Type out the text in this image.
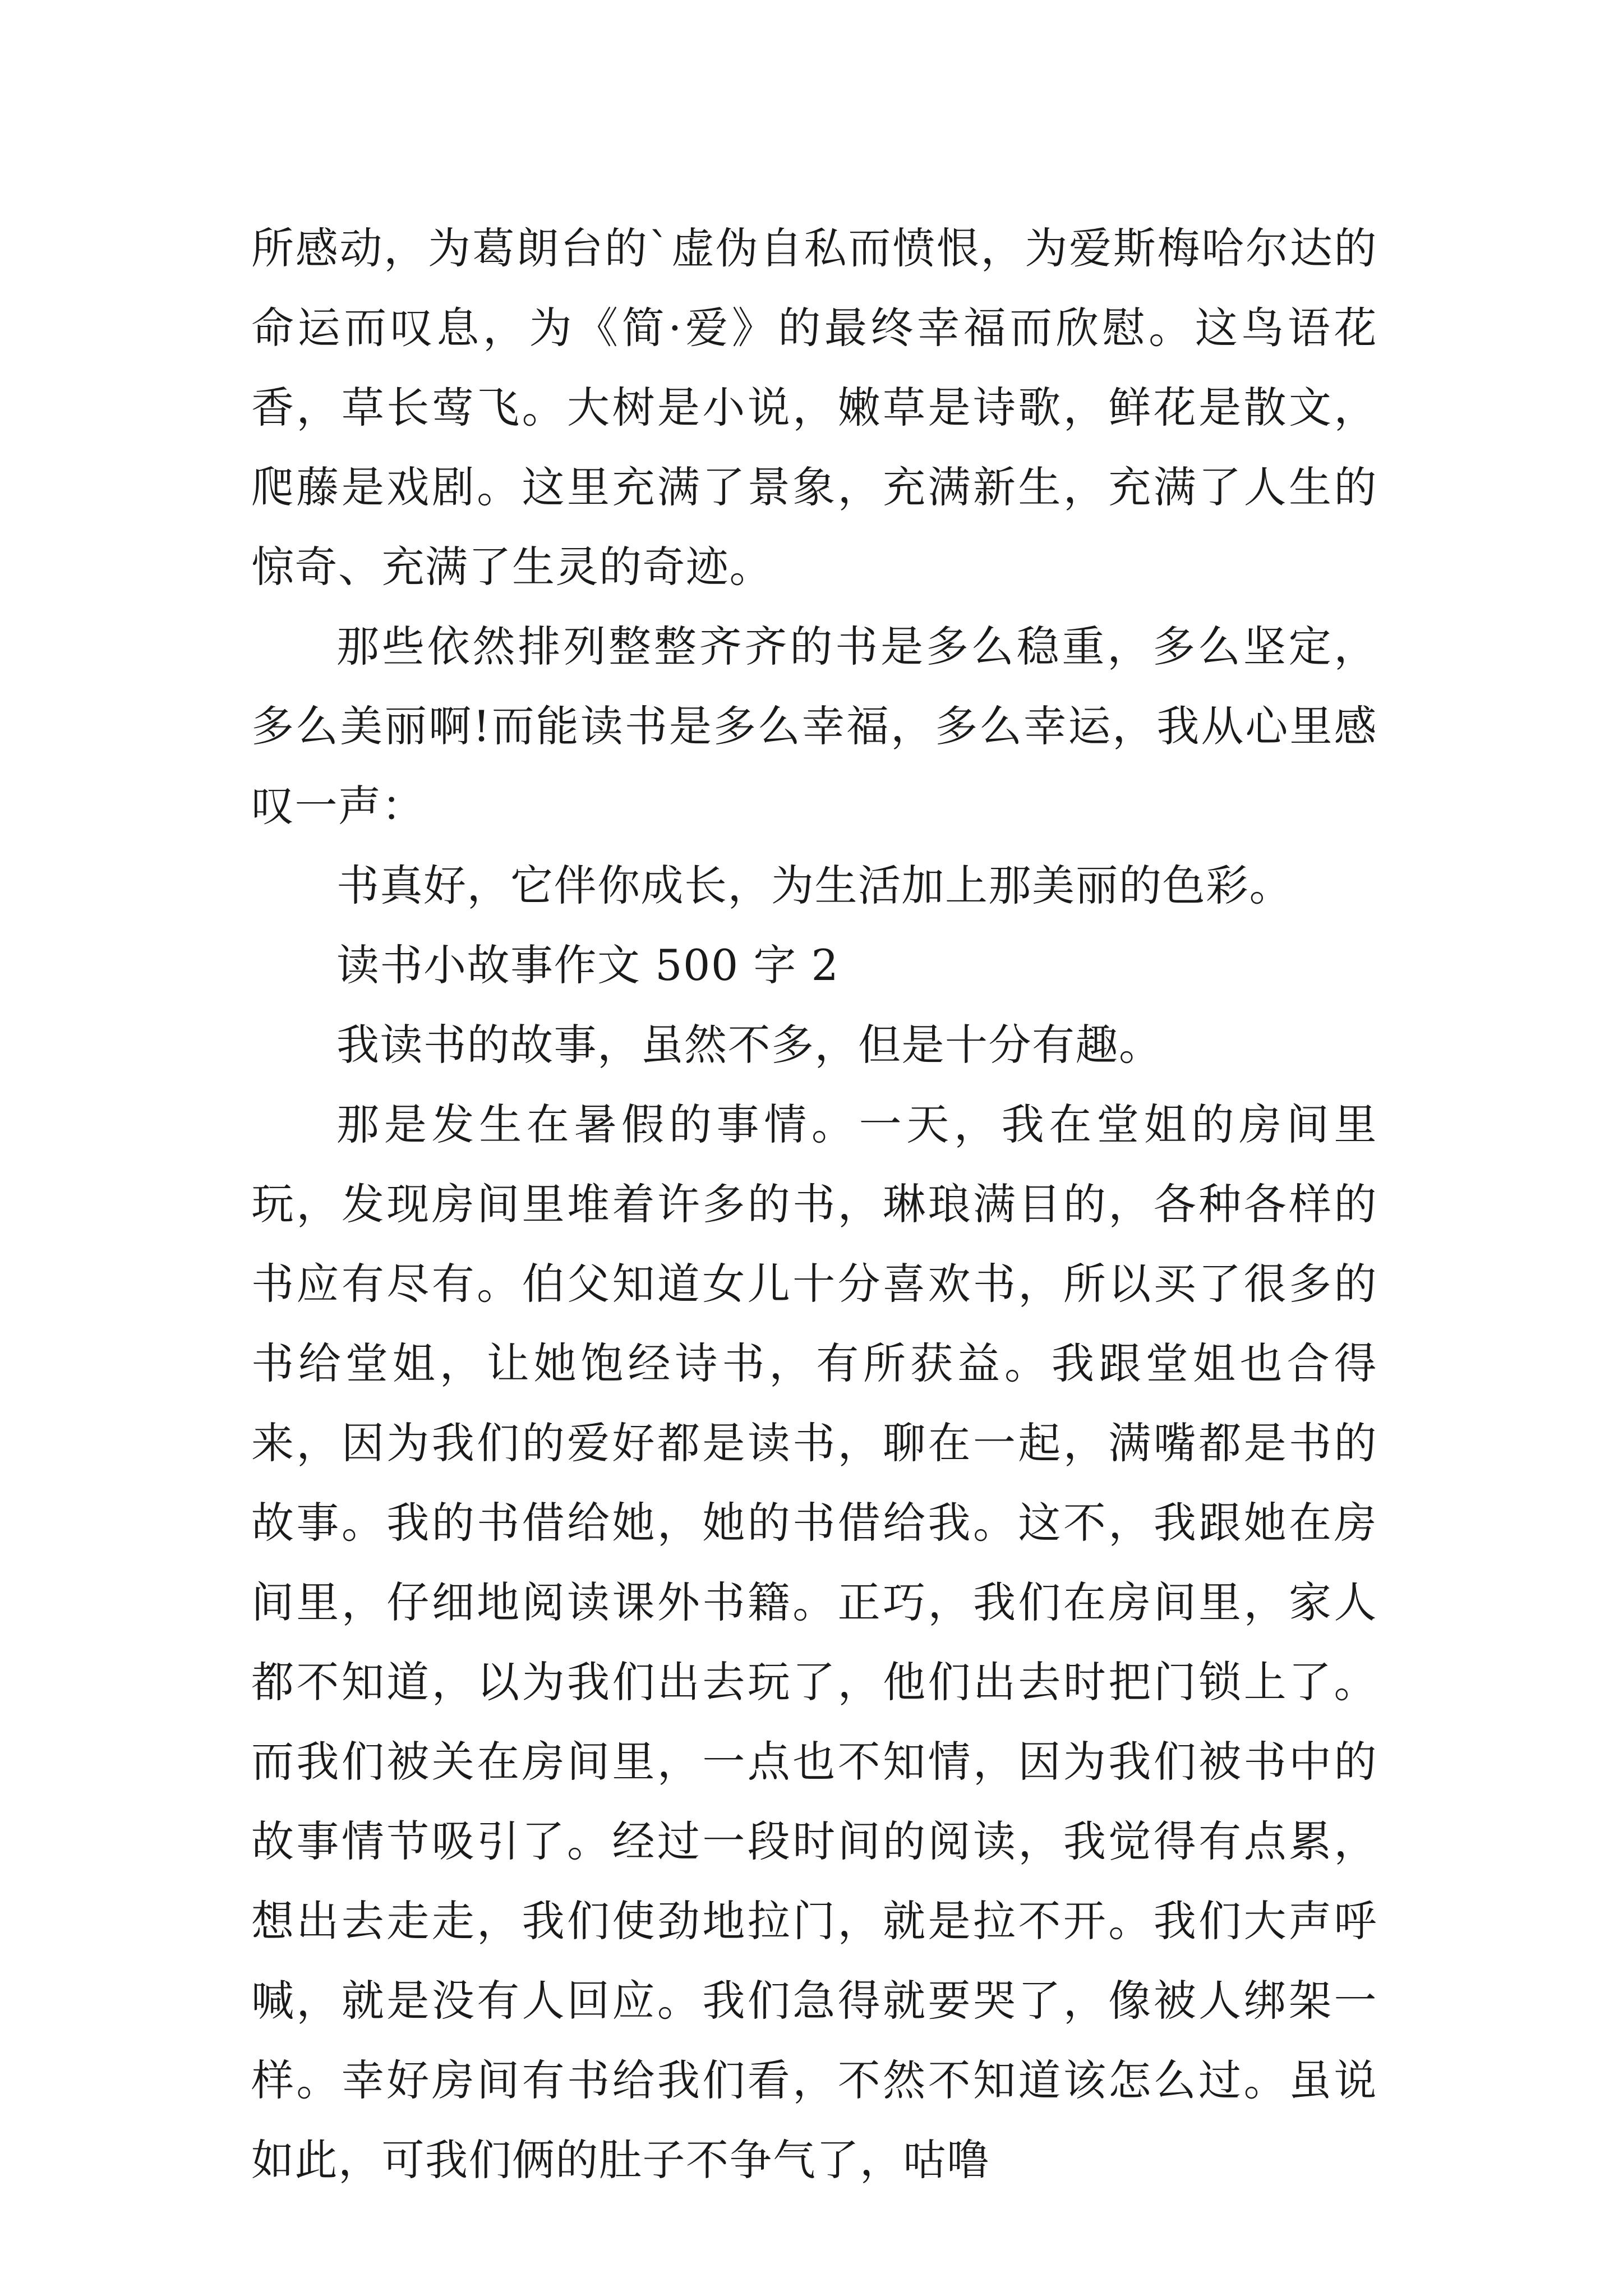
所感动，为葛朗台的`虚伪自私而愤恨，为爱斯梅哈尔达的命运而叹息，为《简·爱》的最终幸福而欣慰。这鸟语花香，草长莺飞。大树是小说，嫩草是诗歌，鲜花是散文，爬藤是戏剧。这里充满了景象，充满新生，充满了人生的惊奇、充满了生灵的奇迹。

那些依然排列整整齐齐的书是多么稳重，多么坚定，多么美丽啊!而能读书是多么幸福，多么幸运，我从心里感叹一声：

书真好，它伴你成长，为生活加上那美丽的色彩。

读书小故事作文 500 字 2

我读书的故事，虽然不多，但是十分有趣。

那是发生在暑假的事情。一天，我在堂姐的房间里玩，发现房间里堆着许多的书，琳琅满目的，各种各样的书应有尽有。伯父知道女儿十分喜欢书，所以买了很多的书给堂姐，让她饱经诗书，有所获益。我跟堂姐也合得来，因为我们的爱好都是读书，聊在一起，满嘴都是书的故事。我的书借给她，她的书借给我。这不，我跟她在房间里，仔细地阅读课外书籍。正巧，我们在房间里，家人都不知道，以为我们出去玩了，他们出去时把门锁上了。而我们被关在房间里，一点也不知情，因为我们被书中的故事情节吸引了。经过一段时间的阅读，我觉得有点累，想出去走走，我们使劲地拉门，就是拉不开。我们大声呼喊，就是没有人回应。我们急得就要哭了，像被人绑架一样。幸好房间有书给我们看，不然不知道该怎么过。虽说如此，可我们俩的肚子不争气了，咕噜
